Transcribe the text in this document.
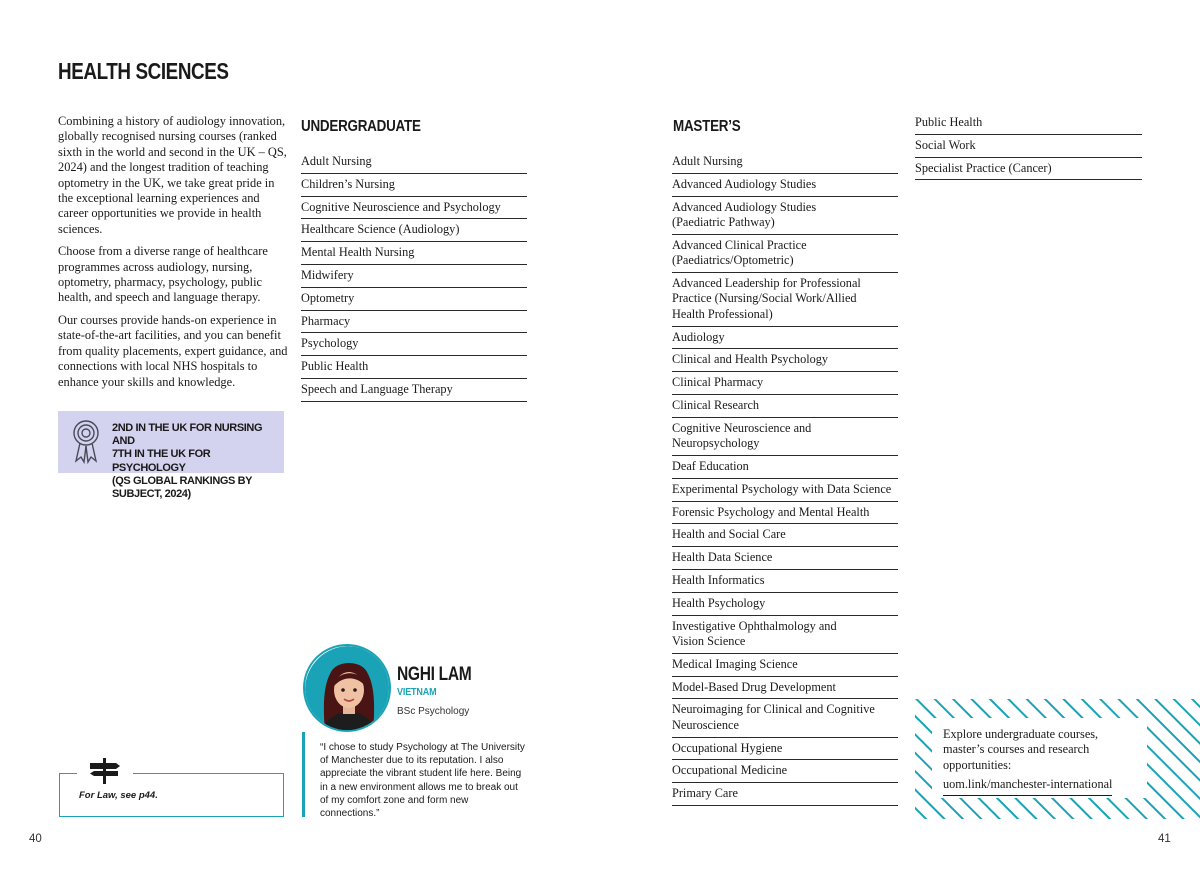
HEALTH SCIENCES

Combining a history of audiology innovation, globally recognised nursing courses (ranked sixth in the world and second in the UK – QS, 2024) and the longest tradition of teaching optometry in the UK, we take great pride in the exceptional learning experiences and career opportunities we provide in health sciences.

Choose from a diverse range of healthcare programmes across audiology, nursing, optometry, pharmacy, psychology, public health, and speech and language therapy.

Our courses provide hands-on experience in state-of-the-art facilities, and you can benefit from quality placements, expert guidance, and connections with local NHS hospitals to enhance your skills and knowledge.

2ND IN THE UK FOR NURSING AND
7TH IN THE UK FOR PSYCHOLOGY
(QS GLOBAL RANKINGS BY SUBJECT, 2024)
UNDERGRADUATE
Adult Nursing
Children’s Nursing
Cognitive Neuroscience and Psychology
Healthcare Science (Audiology)
Mental Health Nursing
Midwifery
Optometry
Pharmacy
Psychology
Public Health
Speech and Language Therapy
MASTER’S
Adult Nursing
Advanced Audiology Studies
Advanced Audiology Studies
(Paediatric Pathway)
Advanced Clinical Practice
(Paediatrics/Optometric)
Advanced Leadership for Professional
Practice (Nursing/Social Work/Allied
Health Professional)
Audiology
Clinical and Health Psychology
Clinical Pharmacy
Clinical Research
Cognitive Neuroscience and
Neuropsychology
Deaf Education
Experimental Psychology with Data Science
Forensic Psychology and Mental Health
Health and Social Care
Health Data Science
Health Informatics
Health Psychology
Investigative Ophthalmology and
Vision Science
Medical Imaging Science
Model-Based Drug Development
Neuroimaging for Clinical and Cognitive
Neuroscience
Occupational Hygiene
Occupational Medicine
Primary Care
Public Health
Social Work
Specialist Practice (Cancer)
NGHI LAM
VIETNAM
BSc Psychology
“I chose to study Psychology at The University of Manchester due to its reputation. I also appreciate the vibrant student life here. Being in a new environment allows me to break out of my comfort zone and form new connections.”
For Law, see p44.
Explore undergraduate courses, master’s courses and research opportunities:
uom.link/manchester-international
40	41
